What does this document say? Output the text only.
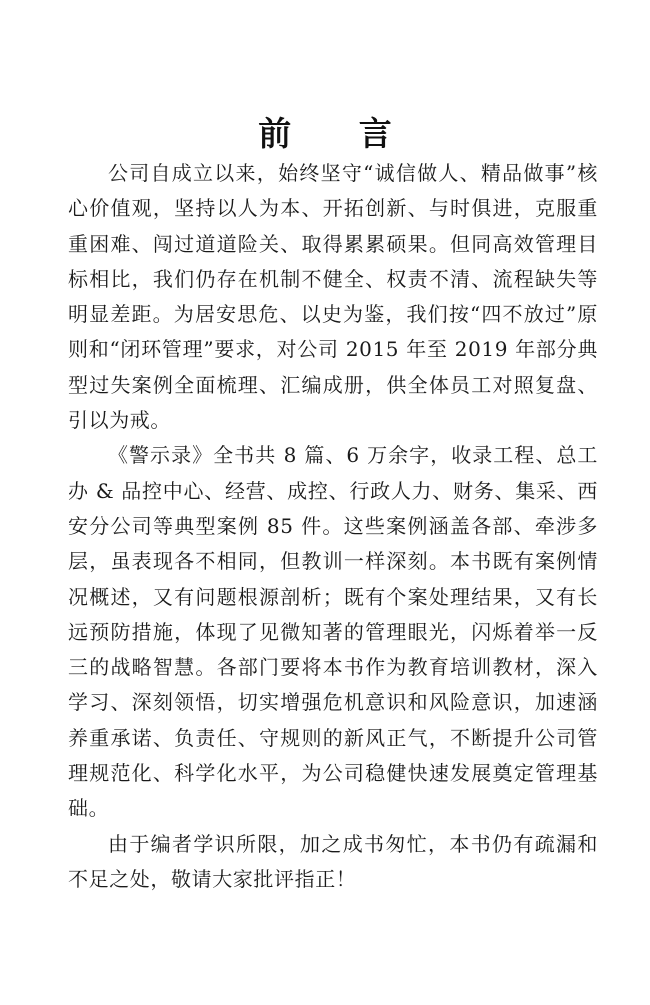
前 言

公司自成立以来，始终坚守“诚信做人、精品做事”核心价值观，坚持以人为本、开拓创新、与时俱进，克服重重困难、闯过道道险关、取得累累硕果。但同高效管理目标相比，我们仍存在机制不健全、权责不清、流程缺失等明显差距。为居安思危、以史为鉴，我们按“四不放过”原则和“闭环管理”要求，对公司 2015 年至 2019 年部分典型过失案例全面梳理、汇编成册，供全体员工对照复盘、引以为戒。

《警示录》全书共 8 篇、6 万余字，收录工程、总工办 & 品控中心、经营、成控、行政人力、财务、集采、西安分公司等典型案例 85 件。这些案例涵盖各部、牵涉多层，虽表现各不相同，但教训一样深刻。本书既有案例情况概述，又有问题根源剖析；既有个案处理结果，又有长远预防措施，体现了见微知著的管理眼光，闪烁着举一反三的战略智慧。各部门要将本书作为教育培训教材，深入学习、深刻领悟，切实增强危机意识和风险意识，加速涵养重承诺、负责任、守规则的新风正气，不断提升公司管理规范化、科学化水平，为公司稳健快速发展奠定管理基础。

由于编者学识所限，加之成书匆忙，本书仍有疏漏和不足之处，敬请大家批评指正！
